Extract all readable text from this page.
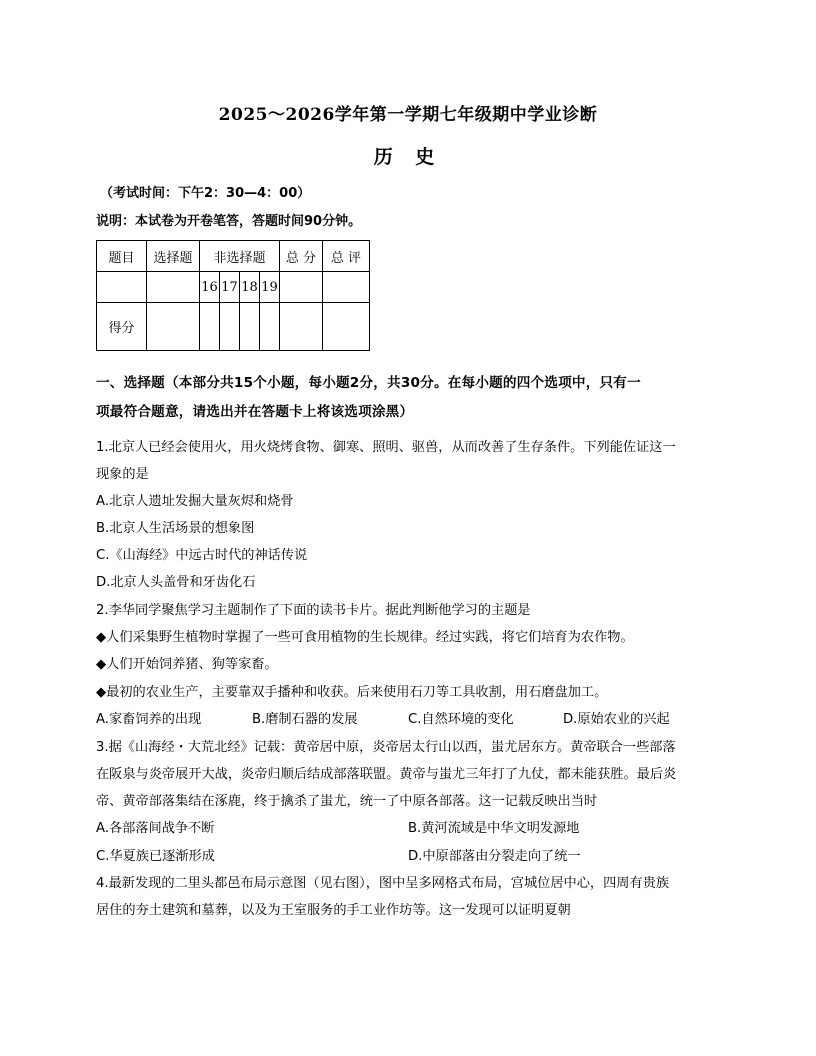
2025～2026学年第一学期七年级期中学业诊断
历 史
（考试时间：下午2：30—4：00）
说明：本试卷为开卷笔答，答题时间90分钟。
题目	选择题	非选择题				总 分	总 评
		16	17	18	19		
得分							
一、选择题（本部分共15个小题，每小题2分，共30分。在每小题的四个选项中，只有一
项最符合题意，请选出并在答题卡上将该选项涂黑）
1.北京人已经会使用火，用火烧烤食物、御寒、照明、驱兽，从而改善了生存条件。下列能佐证这一
现象的是
A.北京人遗址发掘大量灰烬和烧骨
B.北京人生活场景的想象图
C.《山海经》中远古时代的神话传说
D.北京人头盖骨和牙齿化石
2.李华同学聚焦学习主题制作了下面的读书卡片。据此判断他学习的主题是
◆人们采集野生植物时掌握了一些可食用植物的生长规律。经过实践，将它们培育为农作物。
◆人们开始饲养猪、狗等家畜。
◆最初的农业生产，主要靠双手播种和收获。后来使用石刀等工具收割，用石磨盘加工。
A.家畜饲养的出现	B.磨制石器的发展	C.自然环境的变化	D.原始农业的兴起
3.据《山海经・大荒北经》记载：黄帝居中原，炎帝居太行山以西，蚩尤居东方。黄帝联合一些部落
在阪泉与炎帝展开大战，炎帝归顺后结成部落联盟。黄帝与蚩尤三年打了九仗，都未能获胜。最后炎
帝、黄帝部落集结在涿鹿，终于擒杀了蚩尤，统一了中原各部落。这一记载反映出当时
A.各部落间战争不断	B.黄河流域是中华文明发源地
C.华夏族已逐渐形成	D.中原部落由分裂走向了统一
4.最新发现的二里头都邑布局示意图（见右图），图中呈多网格式布局，宫城位居中心，四周有贵族
居住的夯土建筑和墓葬，以及为王室服务的手工业作坊等。这一发现可以证明夏朝
